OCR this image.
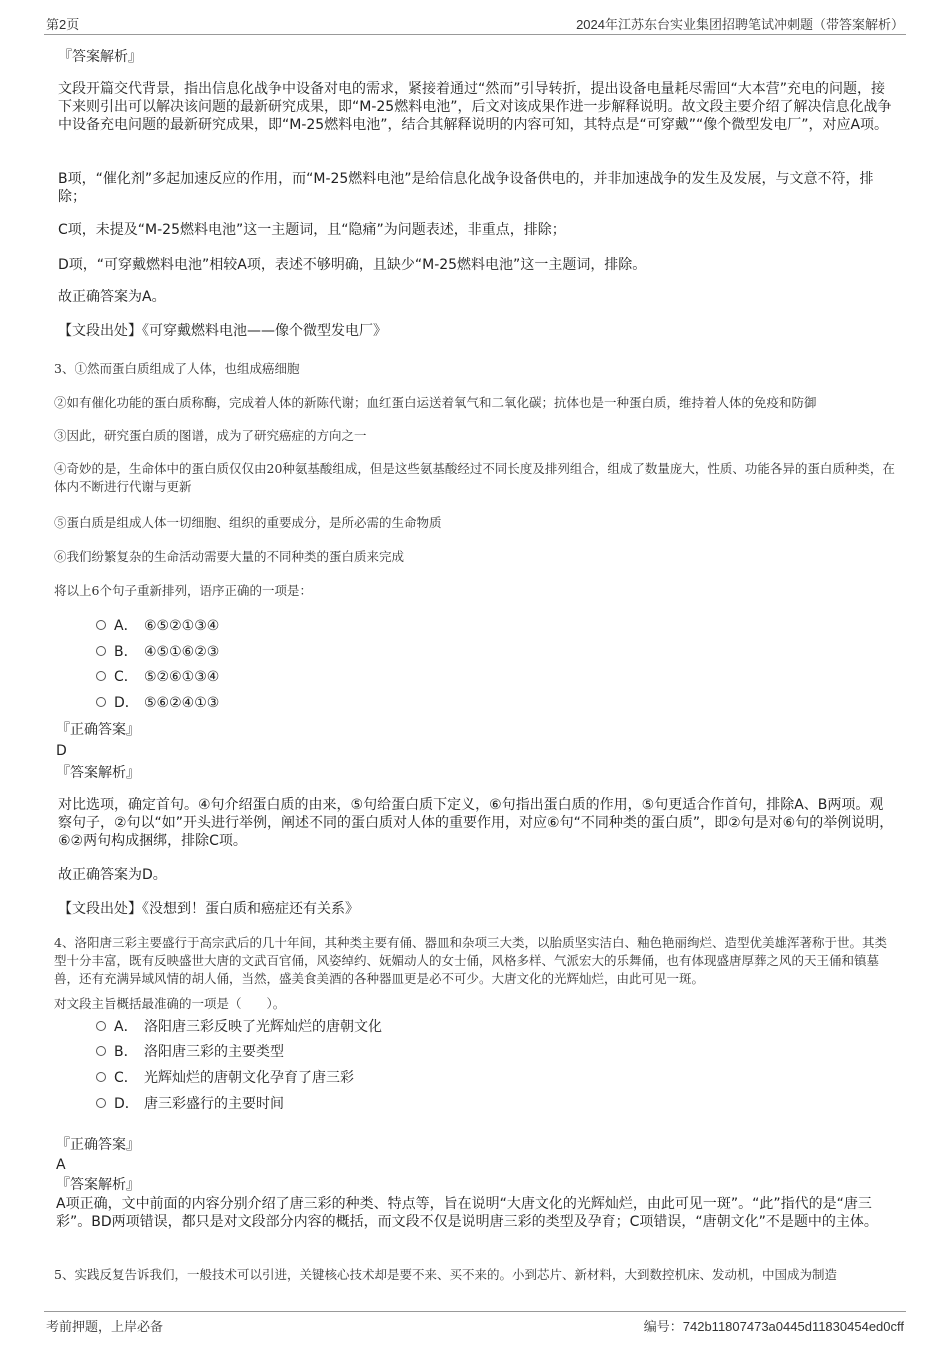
第2页	2024年江苏东台实业集团招聘笔试冲刺题（带答案解析）
『答案解析』
文段开篇交代背景，指出信息化战争中设备对电的需求，紧接着通过“然而”引导转折，提出设备电量耗尽需回“大本营”充电的问题，接下来则引出可以解决该问题的最新研究成果，即“M-25燃料电池”，后文对该成果作进一步解释说明。故文段主要介绍了解决信息化战争中设备充电问题的最新研究成果，即“M-25燃料电池”，结合其解释说明的内容可知，其特点是“可穿戴”“像个微型发电厂”，对应A项。
B项，“催化剂”多起加速反应的作用，而“M-25燃料电池”是给信息化战争设备供电的，并非加速战争的发生及发展，与文意不符，排除；
C项，未提及“M-25燃料电池”这一主题词，且“隐痛”为问题表述，非重点，排除；
D项，“可穿戴燃料电池”相较A项，表述不够明确，且缺少“M-25燃料电池”这一主题词，排除。
故正确答案为A。
【文段出处】《可穿戴燃料电池——像个微型发电厂》
3、①然而蛋白质组成了人体，也组成癌细胞
②如有催化功能的蛋白质称酶，完成着人体的新陈代谢；血红蛋白运送着氧气和二氧化碳；抗体也是一种蛋白质，维持着人体的免疫和防御
③因此，研究蛋白质的图谱，成为了研究癌症的方向之一
④奇妙的是，生命体中的蛋白质仅仅由20种氨基酸组成，但是这些氨基酸经过不同长度及排列组合，组成了数量庞大，性质、功能各异的蛋白质种类，在体内不断进行代谢与更新
⑤蛋白质是组成人体一切细胞、组织的重要成分，是所必需的生命物质
⑥我们纷繁复杂的生命活动需要大量的不同种类的蛋白质来完成
将以上6个句子重新排列，语序正确的一项是：
A． ⑥⑤②①③④
B． ④⑤①⑥②③
C． ⑤②⑥①③④
D． ⑤⑥②④①③
『正确答案』
D
『答案解析』
对比选项，确定首句。④句介绍蛋白质的由来，⑤句给蛋白质下定义，⑥句指出蛋白质的作用，⑤句更适合作首句，排除A、B两项。观察句子，②句以“如”开头进行举例，阐述不同的蛋白质对人体的重要作用，对应⑥句“不同种类的蛋白质”，即②句是对⑥句的举例说明，⑥②两句构成捆绑，排除C项。
故正确答案为D。
【文段出处】《没想到！蛋白质和癌症还有关系》
4、洛阳唐三彩主要盛行于高宗武后的几十年间，其种类主要有俑、器皿和杂项三大类，以胎质坚实洁白、釉色艳丽绚烂、造型优美雄浑著称于世。其类型十分丰富，既有反映盛世大唐的文武百官俑，风姿绰约、妩媚动人的女士俑，风格多样、气派宏大的乐舞俑，也有体现盛唐厚葬之风的天王俑和镇墓兽，还有充满异域风情的胡人俑，当然，盛美食美酒的各种器皿更是必不可少。大唐文化的光辉灿烂，由此可见一斑。
对文段主旨概括最准确的一项是（　　）。
A． 洛阳唐三彩反映了光辉灿烂的唐朝文化
B． 洛阳唐三彩的主要类型
C． 光辉灿烂的唐朝文化孕育了唐三彩
D． 唐三彩盛行的主要时间
『正确答案』
A
『答案解析』
A项正确，文中前面的内容分别介绍了唐三彩的种类、特点等，旨在说明“大唐文化的光辉灿烂，由此可见一斑”。“此”指代的是“唐三彩”。BD两项错误，都只是对文段部分内容的概括，而文段不仅是说明唐三彩的类型及孕育；C项错误，“唐朝文化”不是题中的主体。
5、实践反复告诉我们，一般技术可以引进，关键核心技术却是要不来、买不来的。小到芯片、新材料，大到数控机床、发动机，中国成为制造
考前押题，上岸必备	编号：742b11807473a0445d11830454ed0cff
